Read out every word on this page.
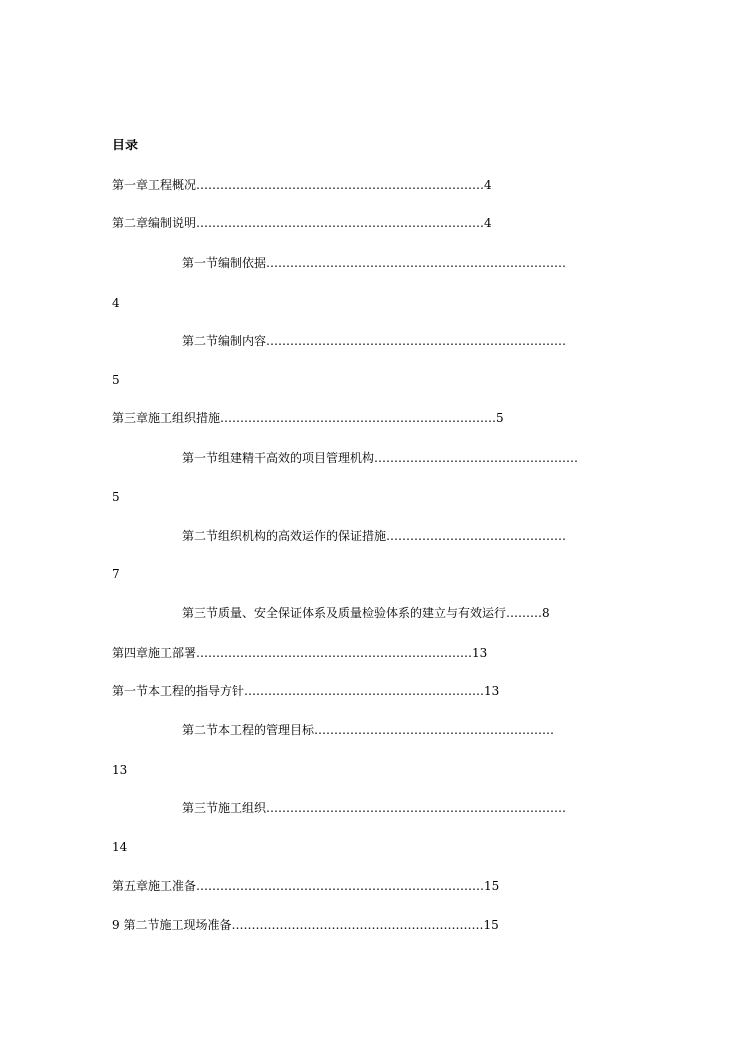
目录
第一章工程概况………………………………………………………………4
第二章编制说明………………………………………………………………4
第一节编制依据…………………………………………………………………
4
第二节编制内容…………………………………………………………………
5
第三章施工组织措施……………………………………………………………5
第一节组建精干高效的项目管理机构……………………………………………
5
第二节组织机构的高效运作的保证措施………………………………………
7
第三节质量、安全保证体系及质量检验体系的建立与有效运行………8
第四章施工部署……………………………………………………………13
第一节本工程的指导方针……………………………………………………13
第二节本工程的管理目标……………………………………………………
13
第三节施工组织…………………………………………………………………
14
第五章施工准备………………………………………………………………15
9 第二节施工现场准备………………………………………………………15
